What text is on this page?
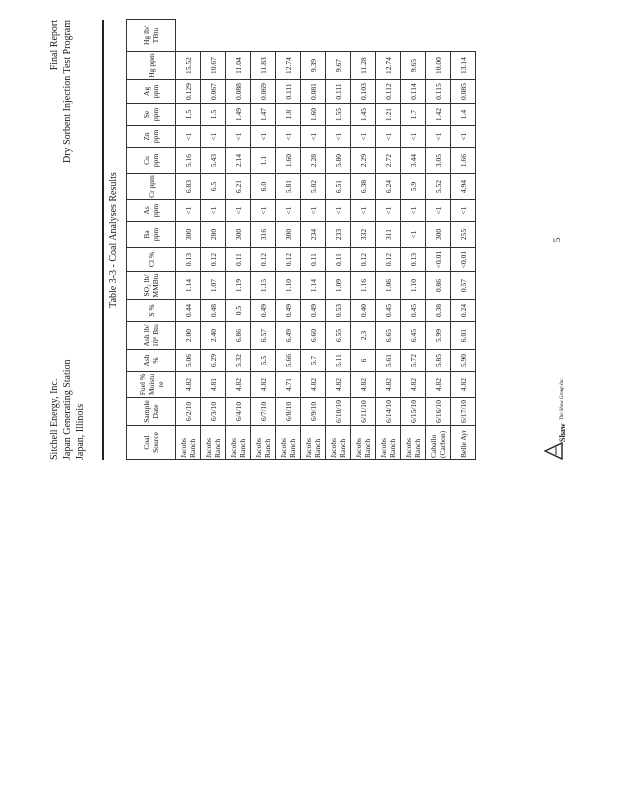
Sitchell Energy, Inc. Japan Generating Station Japan, Illinois
Final Report Dry Sorbent Injection Test Program
Table 3-3 - Coal Analyses Results
Coal Source	Sample Date	Fuel % Moisture	Ash %	Ash lb/ 10⁶ Btu	S %	SO₂ lb/ MMBtu	Cl %	Ba ppm	As ppm	Cr ppm	Cu ppm	Zn ppm	Se ppm	Ag ppm	Hg ppm	Hg lb/ TBtu
Jacobs Ranch	6/2/10	4.82	5.06	2.00	0.44	1.14	0.13	300	<1	6.83	5.16	<1	1.5	0.129	15.52	
Jacobs Ranch	6/3/10	4.81	6.29	2.40	0.48	1.07	0.12	280	<1	6.5	5.43	<1	1.5	0.067	10.67	
Jacobs Ranch	6/4/10	4.82	5.32	6.86	0.5	1.19	0.11	300	<1	6.21	2.14	<1	1.49	0.088	11.04	
Jacobs Ranch	6/7/10	4.82	5.5	6.57	0.49	1.15	0.12	316	<1	6.0	1.1	<1	1.47	0.069	11.83	
Jacobs Ranch	6/8/10	4.71	5.66	6.49	0.49	1.10	0.12	300	<1	5.81	1.60	<1	1.8	0.111	12.74	
Jacobs Ranch	6/9/10	4.82	5.7	6.60	0.49	1.14	0.11	234	<1	5.82	2.28	<1	1.60	0.081	9.39	
Jacobs Ranch	6/10/10	4.82	5.11	6.55	0.53	1.09	0.11	233	<1	6.51	5.80	<1	1.55	0.111	9.67	
Jacobs Ranch	6/11/10	4.82	6	2.3	0.40	1.16	0.12	332	<1	6.38	2.29	<1	1.45	0.103	11.28	
Jacobs Ranch	6/14/10	4.82	5.61	6.65	0.45	1.06	0.12	311	<1	6.24	2.72	<1	1.21	0.112	12.74	
Jacobs Ranch	6/15/10	4.82	5.72	6.45	0.45	1.10	0.13	<1	<1	5.9	3.44	<1	1.7	0.114	9.65	
Caballo (Carbon)	6/16/10	4.82	5.85	5.99	0.38	0.86	<0.01	300	<1	5.52	3.05	<1	1.42	0.115	10.00	
Belle Ayr	6/17/10	4.82	5.90	6.01	0.24	0.57	<0.01	255	<1	4.94	1.66	<1	1.4	0.085	13.14	
Shaw
The Shaw Group Inc.
5
